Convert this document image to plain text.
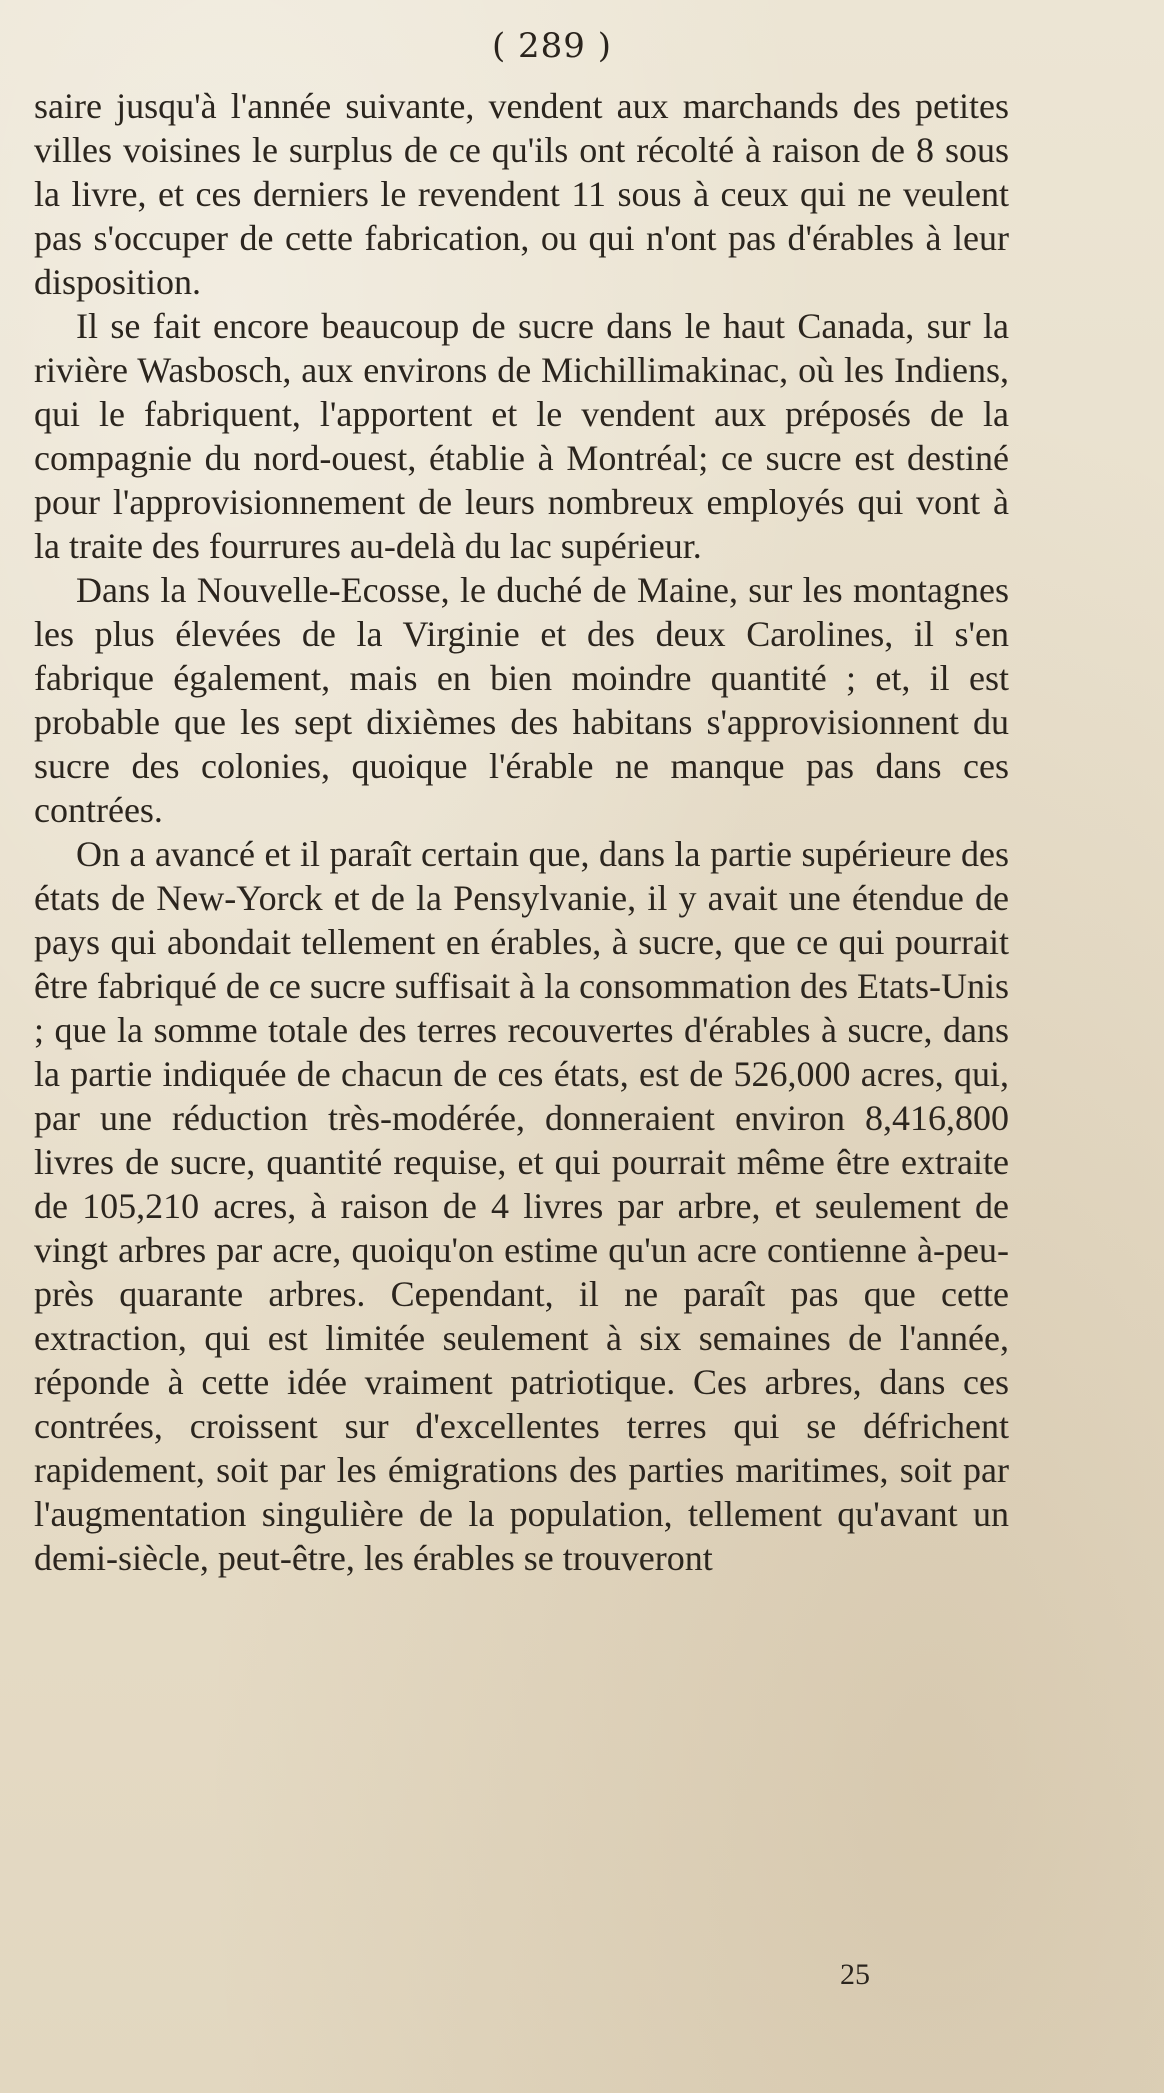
( 289 )

saire jusqu'à l'année suivante, vendent aux marchands des petites villes voisines le surplus de ce qu'ils ont récolté à raison de 8 sous la livre, et ces derniers le revendent 11 sous à ceux qui ne veulent pas s'occuper de cette fabrication, ou qui n'ont pas d'érables à leur disposition.

Il se fait encore beaucoup de sucre dans le haut Canada, sur la rivière Wasbosch, aux environs de Michillimakinac, où les Indiens, qui le fabriquent, l'apportent et le vendent aux préposés de la compagnie du nord-ouest, établie à Montréal; ce sucre est destiné pour l'approvisionnement de leurs nombreux employés qui vont à la traite des fourrures au-delà du lac supérieur.

Dans la Nouvelle-Ecosse, le duché de Maine, sur les montagnes les plus élevées de la Virginie et des deux Carolines, il s'en fabrique également, mais en bien moindre quantité ; et, il est probable que les sept dixièmes des habitans s'approvisionnent du sucre des colonies, quoique l'érable ne manque pas dans ces contrées.

On a avancé et il paraît certain que, dans la partie supérieure des états de New-Yorck et de la Pensylvanie, il y avait une étendue de pays qui abondait tellement en érables, à sucre, que ce qui pourrait être fabriqué de ce sucre suffisait à la consommation des Etats-Unis ; que la somme totale des terres recouvertes d'érables à sucre, dans la partie indiquée de chacun de ces états, est de 526,000 acres, qui, par une réduction très-modérée, donneraient environ 8,416,800 livres de sucre, quantité requise, et qui pourrait même être extraite de 105,210 acres, à raison de 4 livres par arbre, et seulement de vingt arbres par acre, quoiqu'on estime qu'un acre contienne à-peu-près quarante arbres. Cependant, il ne paraît pas que cette extraction, qui est limitée seulement à six semaines de l'année, réponde à cette idée vraiment patriotique. Ces arbres, dans ces contrées, croissent sur d'excellentes terres qui se défrichent rapidement, soit par les émigrations des parties maritimes, soit par l'augmentation singulière de la population, tellement qu'avant un demi-siècle, peut-être, les érables se trouveront

25
